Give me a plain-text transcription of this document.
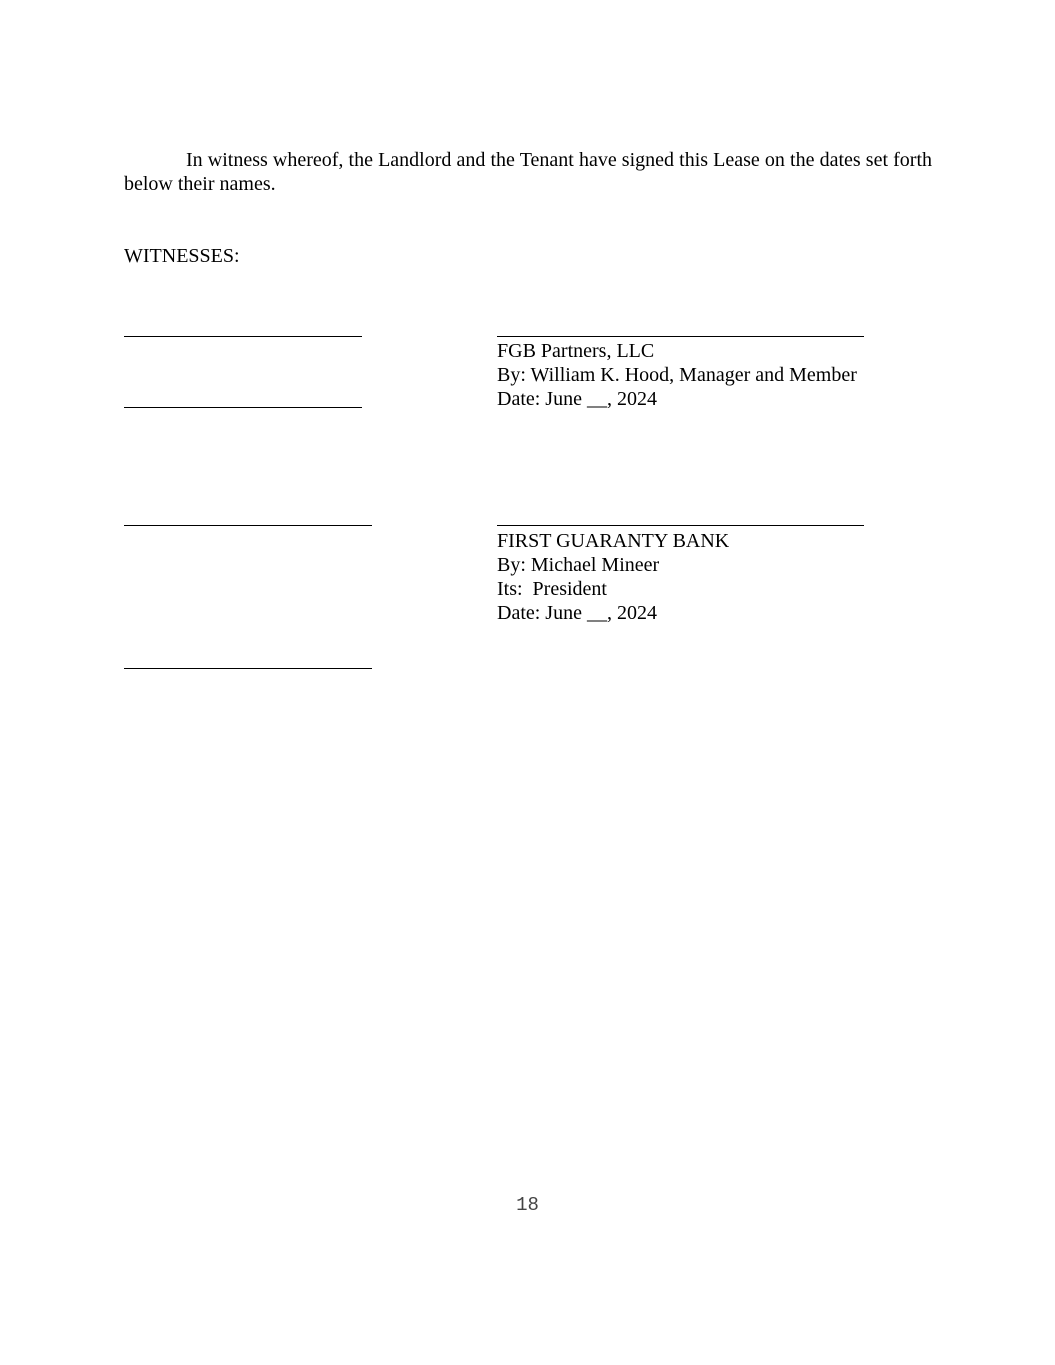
In witness whereof, the Landlord and the Tenant have signed this Lease on the dates set forth below their names.

WITNESSES:

FGB Partners, LLC
By: William K. Hood, Manager and Member
Date: June __, 2024
FIRST GUARANTY BANK
By: Michael Mineer
Its:  President
Date: June __, 2024
18
